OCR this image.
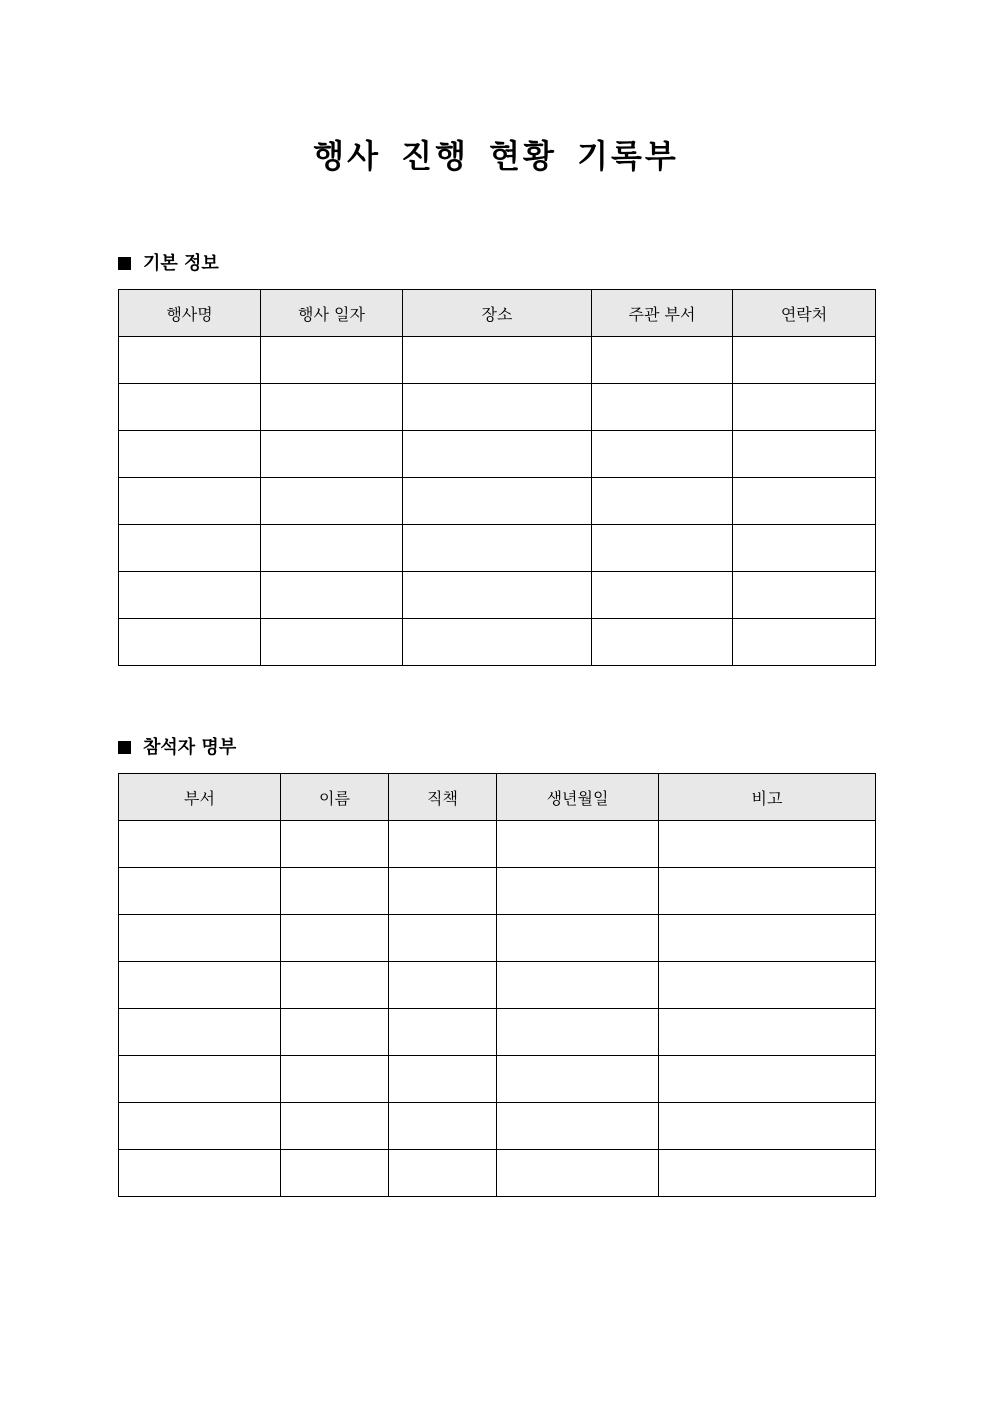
행사 진행 현황 기록부
기본 정보
행사명	행사 일자	장소	주관 부서	연락처

참석자 명부
부서	이름	직책	생년월일	비고
